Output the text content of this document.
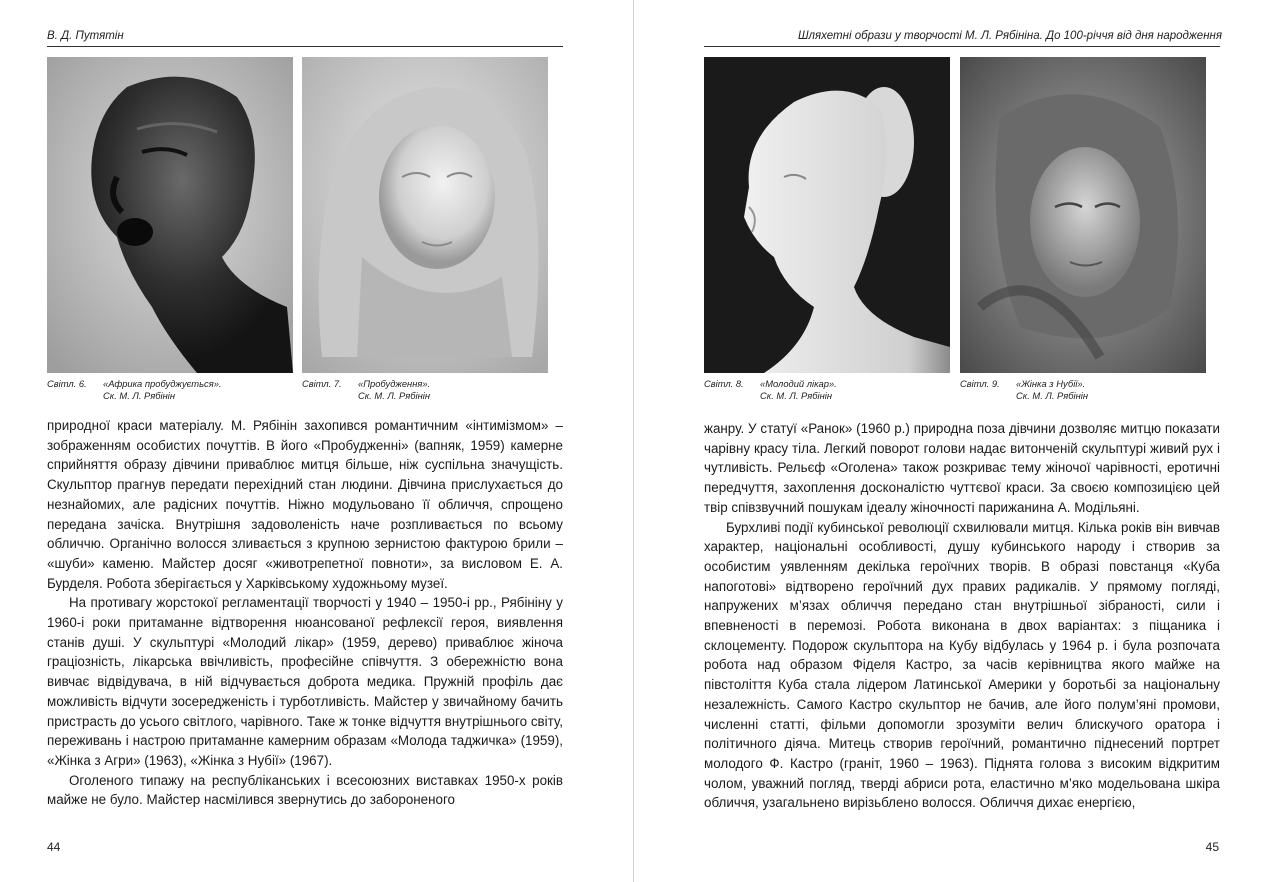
В. Д. Путятін
Світл. 6. «Африка пробуджується».
Ск. М. Л. Рябінін
Світл. 7. «Пробудження».
Ск. М. Л. Рябінін

природної краси матеріалу. М. Рябінін захопився романтичним «інтимізмом» – зображенням особистих почуттів. В його «Пробудженні» (вапняк, 1959) камерне сприйняття образу дівчини приваблює митця більше, ніж суспільна значущість. Скульптор прагнув передати перехідний стан людини. Дівчина прислухається до незнайомих, але радісних почуттів. Ніжно модульовано її обличчя, спрощено передана зачіска. Внутрішня задоволеність наче розпливається по всьому обличчю. Органічно волосся зливається з крупною зернистою фактурою брили – «шуби» каменю. Майстер досяг «животрепетної повноти», за висловом Е. А. Бурделя. Робота зберігається у Харківському художньому музеї.

На противагу жорстокої регламентації творчості у 1940 – 1950-і рр., Рябініну у 1960-і роки притаманне відтворення нюансованої рефлексії героя, виявлення станів душі. У скульптурі «Молодий лікар» (1959, дерево) приваблює жіноча граціозність, лікарська ввічливість, професійне співчуття. З обережністю вона вивчає відвідувача, в ній відчувається доброта медика. Пружній профіль дає можливість відчути зосередженість і турботливість. Майстер у звичайному бачить пристрасть до усього світлого, чарівного. Таке ж тонке відчуття внутрішнього світу, переживань і настрою притаманне камерним образам «Молода таджичка» (1959), «Жінка з Агри» (1963), «Жінка з Нубії» (1967).

Оголеного типажу на республіканських і всесоюзних виставках 1950-х років майже не було. Майстер насмілився звернутись до забороненого

44
Шляхетні образи у творчості М. Л. Рябініна. До 100-річчя від дня народження
Світл. 8. «Молодий лікар».
Ск. М. Л. Рябінін
Світл. 9. «Жінка з Нубії».
Ск. М. Л. Рябінін

жанру. У статуї «Ранок» (1960 р.) природна поза дівчини дозволяє митцю показати чарівну красу тіла. Легкий поворот голови надає витонченій скульптурі живий рух і чутливість. Рельєф «Оголена» також розкриває тему жіночої чарівності, еротичні передчуття, захоплення досконалістю чуттєвої краси. За своєю композицією цей твір співзвучний пошукам ідеалу жіночності парижанина А. Модільяні.

Бурхливі події кубинської революції схвилювали митця. Кілька років він вивчав характер, національні особливості, душу кубинського народу і створив за особистим уявленням декілька героїчних творів. В образі повстанця «Куба напоготові» відтворено героїчний дух правих радикалів. У прямому погляді, напружених м’язах обличчя передано стан внутрішньої зібраності, сили і впевненості в перемозі. Робота виконана в двох варіантах: з піщаника і склоцементу. Подорож скульптора на Кубу відбулась у 1964 р. і була розпочата робота над образом Фіделя Кастро, за часів керівництва якого майже на півстоліття Куба стала лідером Латинської Америки у боротьбі за національну незалежність. Самого Кастро скульптор не бачив, але його полум’яні промови, численні статті, фільми допомогли зрозуміти велич блискучого оратора і політичного діяча. Митець створив героїчний, романтично піднесений портрет молодого Ф. Кастро (граніт, 1960 – 1963). Піднята голова з високим відкритим чолом, уважний погляд, тверді абриси рота, еластично м’яко модельована шкіра обличчя, узагальнено вирізьблено волосся. Обличчя дихає енергією,

45
